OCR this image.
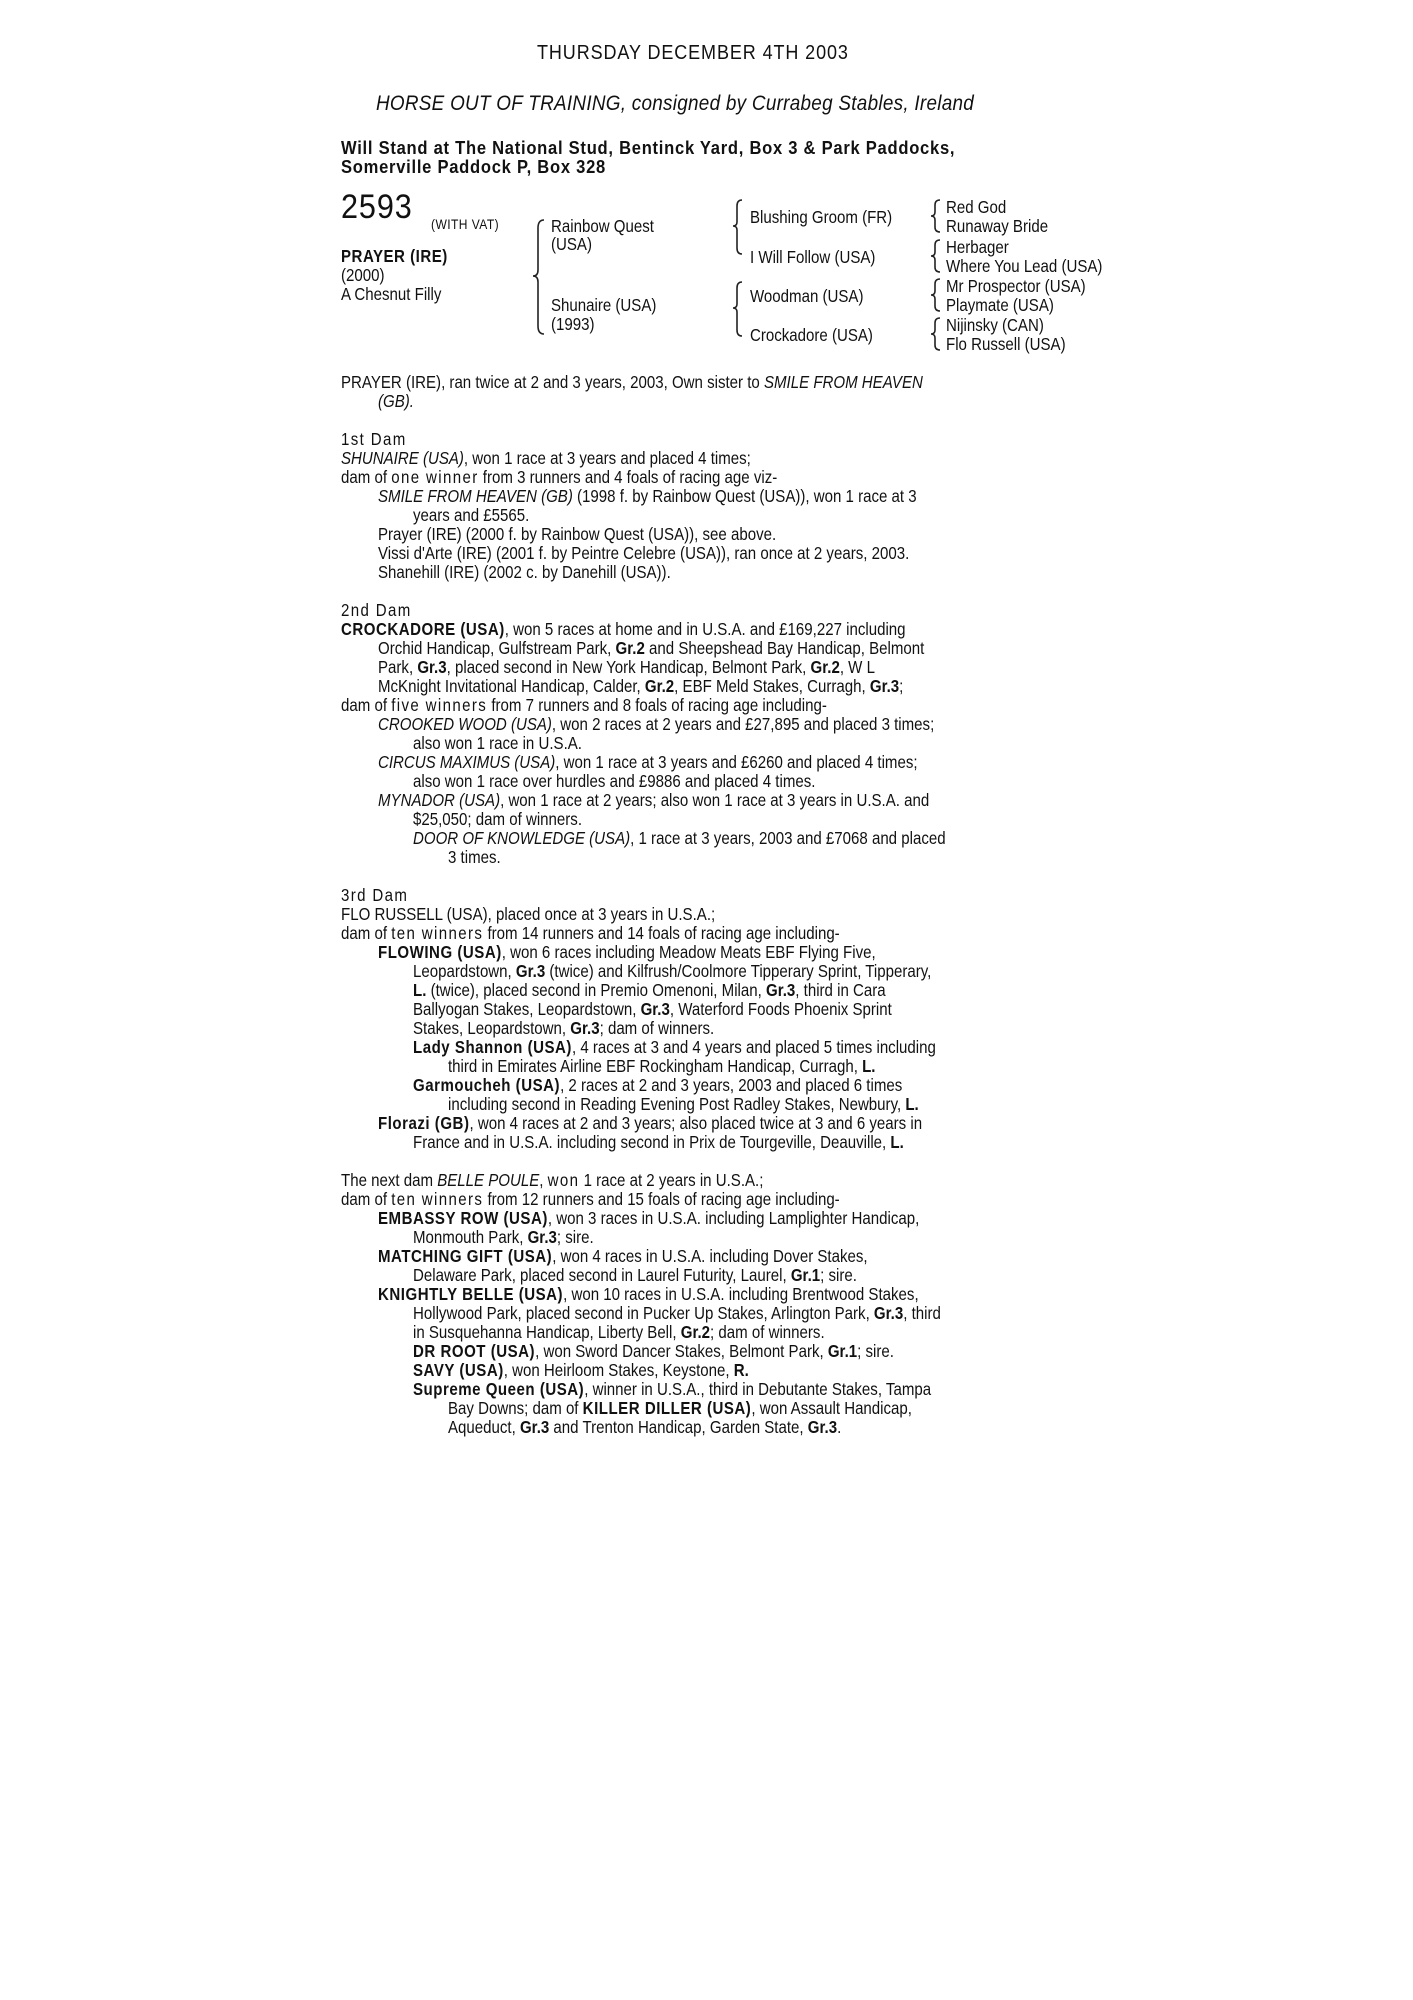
THURSDAY DECEMBER 4TH 2003
HORSE OUT OF TRAINING, consigned by Currabeg Stables, Ireland
Will Stand at The National Stud, Bentinck Yard, Box 3 & Park Paddocks,
Somerville Paddock P, Box 328
2593 (WITH VAT)
PRAYER (IRE)
(2000)
A Chesnut Filly
Rainbow Quest
(USA)
Shunaire (USA)
(1993)
Blushing Groom (FR)
I Will Follow (USA)
Woodman (USA)
Crockadore (USA)
Red God
Runaway Bride
Herbager
Where You Lead (USA)
Mr Prospector (USA)
Playmate (USA)
Nijinsky (CAN)
Flo Russell (USA)
PRAYER (IRE), ran twice at 2 and 3 years, 2003, Own sister to SMILE FROM HEAVEN
(GB).
1st Dam
SHUNAIRE (USA), won 1 race at 3 years and placed 4 times;
dam of one winner from 3 runners and 4 foals of racing age viz-
SMILE FROM HEAVEN (GB) (1998 f. by Rainbow Quest (USA)), won 1 race at 3
years and £5565.
Prayer (IRE) (2000 f. by Rainbow Quest (USA)), see above.
Vissi d'Arte (IRE) (2001 f. by Peintre Celebre (USA)), ran once at 2 years, 2003.
Shanehill (IRE) (2002 c. by Danehill (USA)).
2nd Dam
CROCKADORE (USA), won 5 races at home and in U.S.A. and £169,227 including
Orchid Handicap, Gulfstream Park, Gr.2 and Sheepshead Bay Handicap, Belmont
Park, Gr.3, placed second in New York Handicap, Belmont Park, Gr.2, W L
McKnight Invitational Handicap, Calder, Gr.2, EBF Meld Stakes, Curragh, Gr.3;
dam of five winners from 7 runners and 8 foals of racing age including-
CROOKED WOOD (USA), won 2 races at 2 years and £27,895 and placed 3 times;
also won 1 race in U.S.A.
CIRCUS MAXIMUS (USA), won 1 race at 3 years and £6260 and placed 4 times;
also won 1 race over hurdles and £9886 and placed 4 times.
MYNADOR (USA), won 1 race at 2 years; also won 1 race at 3 years in U.S.A. and
$25,050; dam of winners.
DOOR OF KNOWLEDGE (USA), 1 race at 3 years, 2003 and £7068 and placed
3 times.
3rd Dam
FLO RUSSELL (USA), placed once at 3 years in U.S.A.;
dam of ten winners from 14 runners and 14 foals of racing age including-
FLOWING (USA), won 6 races including Meadow Meats EBF Flying Five,
Leopardstown, Gr.3 (twice) and Kilfrush/Coolmore Tipperary Sprint, Tipperary,
L. (twice), placed second in Premio Omenoni, Milan, Gr.3, third in Cara
Ballyogan Stakes, Leopardstown, Gr.3, Waterford Foods Phoenix Sprint
Stakes, Leopardstown, Gr.3; dam of winners.
Lady Shannon (USA), 4 races at 3 and 4 years and placed 5 times including
third in Emirates Airline EBF Rockingham Handicap, Curragh, L.
Garmoucheh (USA), 2 races at 2 and 3 years, 2003 and placed 6 times
including second in Reading Evening Post Radley Stakes, Newbury, L.
Florazi (GB), won 4 races at 2 and 3 years; also placed twice at 3 and 6 years in
France and in U.S.A. including second in Prix de Tourgeville, Deauville, L.
The next dam BELLE POULE, won 1 race at 2 years in U.S.A.;
dam of ten winners from 12 runners and 15 foals of racing age including-
EMBASSY ROW (USA), won 3 races in U.S.A. including Lamplighter Handicap,
Monmouth Park, Gr.3; sire.
MATCHING GIFT (USA), won 4 races in U.S.A. including Dover Stakes,
Delaware Park, placed second in Laurel Futurity, Laurel, Gr.1; sire.
KNIGHTLY BELLE (USA), won 10 races in U.S.A. including Brentwood Stakes,
Hollywood Park, placed second in Pucker Up Stakes, Arlington Park, Gr.3, third
in Susquehanna Handicap, Liberty Bell, Gr.2; dam of winners.
DR ROOT (USA), won Sword Dancer Stakes, Belmont Park, Gr.1; sire.
SAVY (USA), won Heirloom Stakes, Keystone, R.
Supreme Queen (USA), winner in U.S.A., third in Debutante Stakes, Tampa
Bay Downs; dam of KILLER DILLER (USA), won Assault Handicap,
Aqueduct, Gr.3 and Trenton Handicap, Garden State, Gr.3.
